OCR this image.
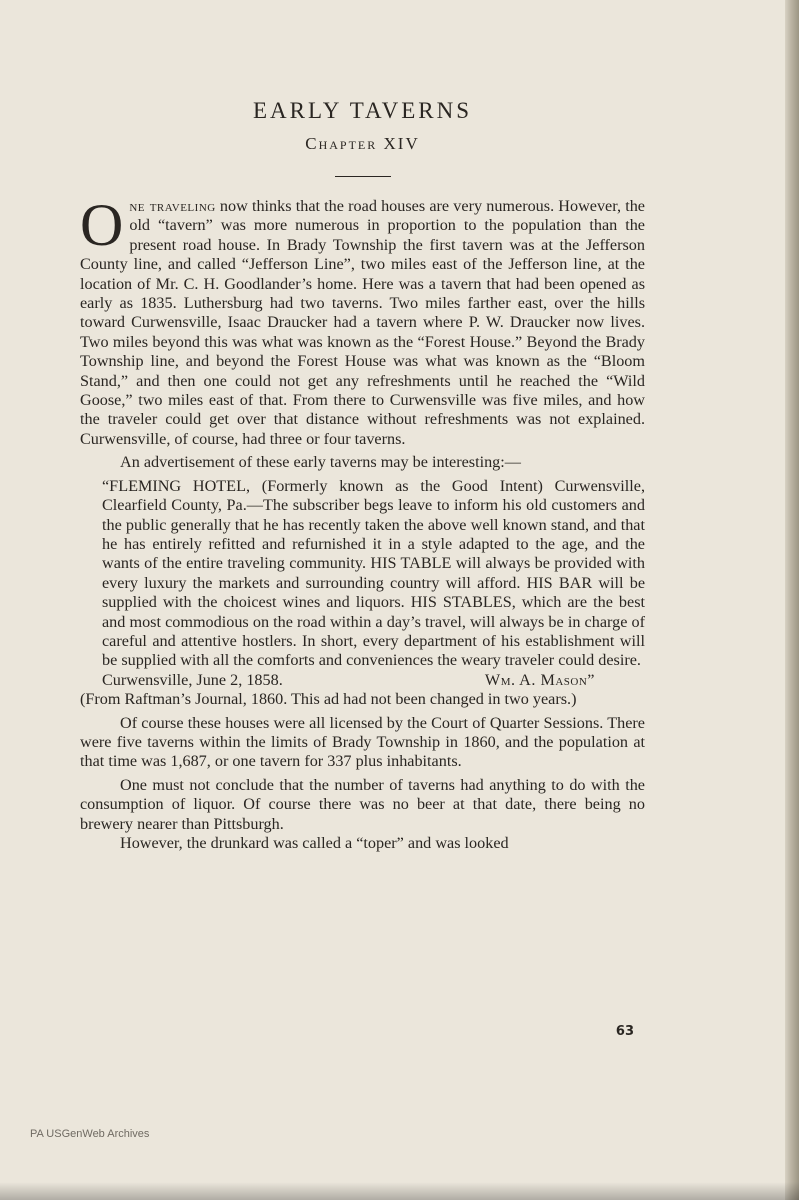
EARLY TAVERNS
Chapter XIV

One traveling now thinks that the road houses are very numerous. However, the old “tavern” was more numerous in proportion to the population than the present road house. In Brady Township the first tavern was at the Jefferson County line, and called “Jefferson Line”, two miles east of the Jefferson line, at the location of Mr. C. H. Goodlander’s home. Here was a tavern that had been opened as early as 1835. Luthersburg had two taverns. Two miles farther east, over the hills toward Curwensville, Isaac Draucker had a tavern where P. W. Draucker now lives. Two miles beyond this was what was known as the “Forest House.” Beyond the Brady Township line, and beyond the Forest House was what was known as the “Bloom Stand,” and then one could not get any refreshments until he reached the “Wild Goose,” two miles east of that. From there to Curwensville was five miles, and how the traveler could get over that distance without refreshments was not explained. Curwensville, of course, had three or four taverns.

An advertisement of these early taverns may be interesting:—

“FLEMING HOTEL, (Formerly known as the Good Intent) Curwensville, Clearfield County, Pa.—The subscriber begs leave to inform his old customers and the public generally that he has recently taken the above well known stand, and that he has entirely refitted and refurnished it in a style adapted to the age, and the wants of the entire traveling community. HIS TABLE will always be provided with every luxury the markets and surrounding country will afford. HIS BAR will be supplied with the choicest wines and liquors. HIS STABLES, which are the best and most commodious on the road within a day’s travel, will always be in charge of careful and attentive hostlers. In short, every department of his establishment will be supplied with all the comforts and conveniences the weary traveler could desire.

Curwensville, June 2, 1858.	Wm. A. Mason”

(From Raftman’s Journal, 1860. This ad had not been changed in two years.)

Of course these houses were all licensed by the Court of Quarter Sessions. There were five taverns within the limits of Brady Township in 1860, and the population at that time was 1,687, or one tavern for 337 plus inhabitants.

One must not conclude that the number of taverns had anything to do with the consumption of liquor. Of course there was no beer at that date, there being no brewery nearer than Pittsburgh.

However, the drunkard was called a “toper” and was looked

63
PA USGenWeb Archives
